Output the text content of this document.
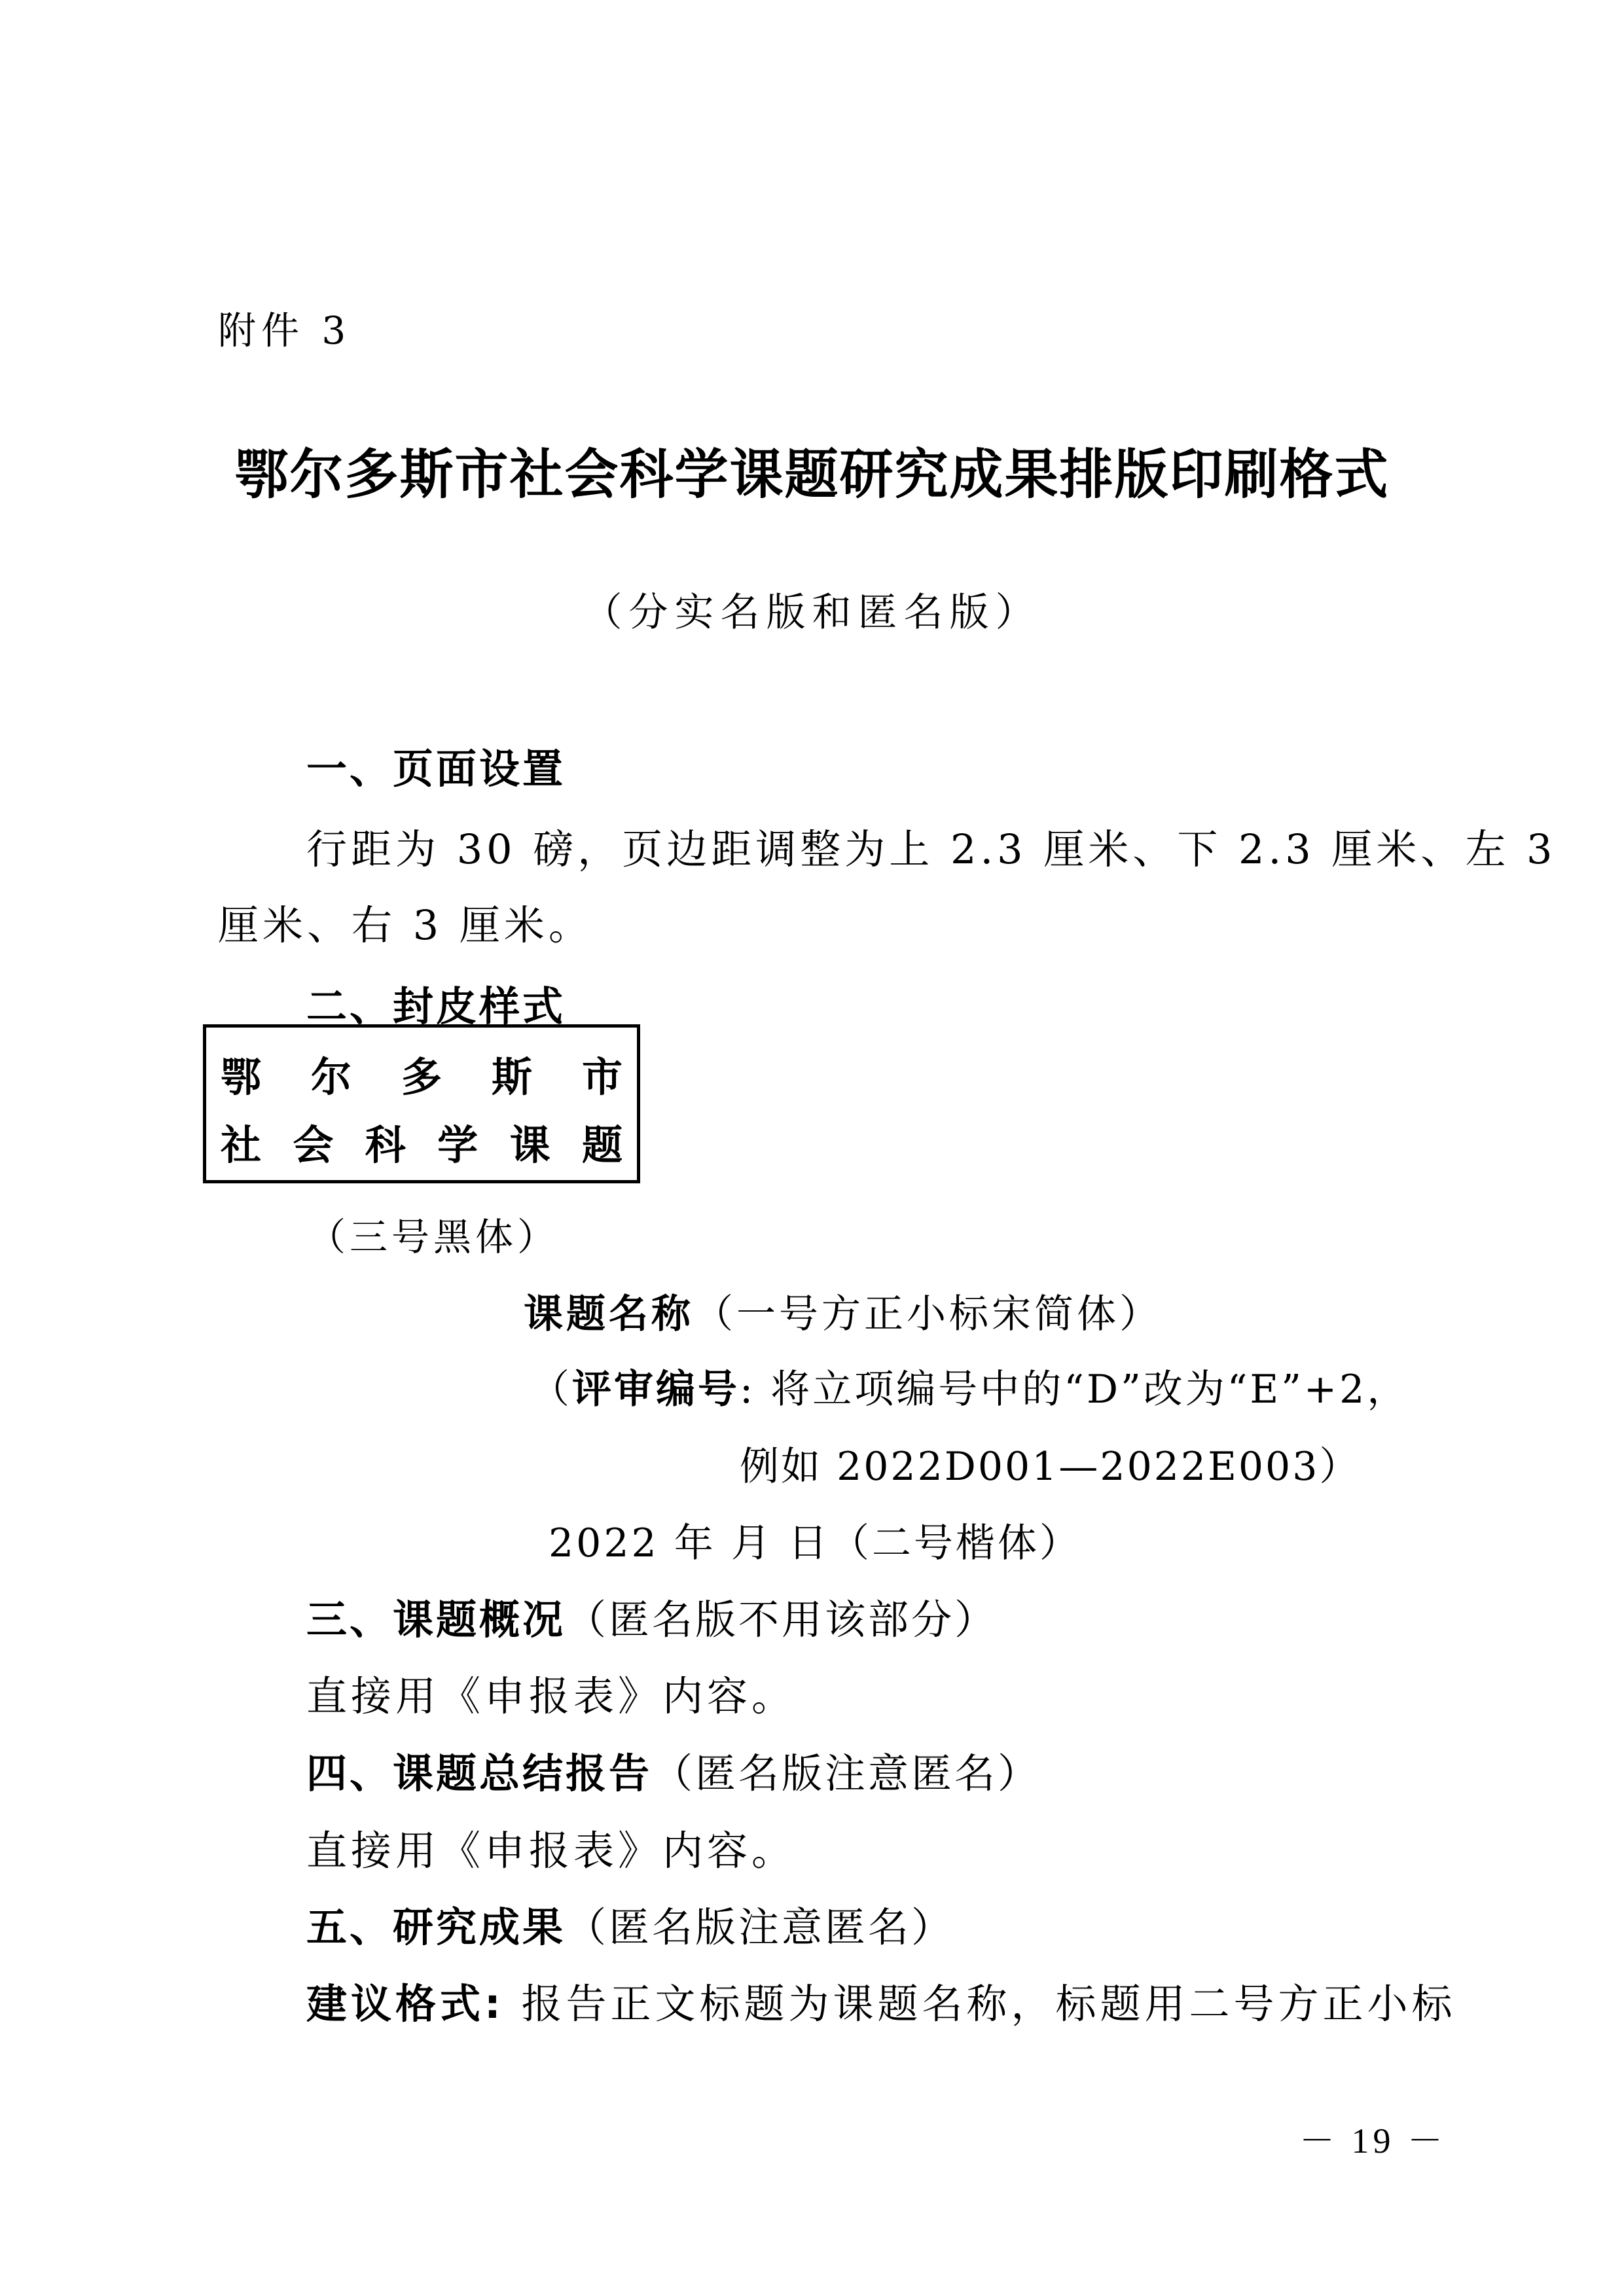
附件 3
鄂尔多斯市社会科学课题研究成果排版印刷格式
（分实名版和匿名版）
一、页面设置
行距为 30 磅，页边距调整为上 2.3 厘米、下 2.3 厘米、左 3
厘米、右 3 厘米。
二、封皮样式
鄂 尔 多 斯 市
社 会 科 学 课 题
（三号黑体）
课题名称（一号方正小标宋简体）
（评审编号: 将立项编号中的“D”改为“E”+2，
例如 2022D001—2022E003）
2022 年 月 日（二号楷体）
三、课题概况（匿名版不用该部分）
直接用《申报表》内容。
四、课题总结报告（匿名版注意匿名）
直接用《申报表》内容。
五、研究成果（匿名版注意匿名）
建议格式: 报告正文标题为课题名称，标题用二号方正小标
－ 19 －
